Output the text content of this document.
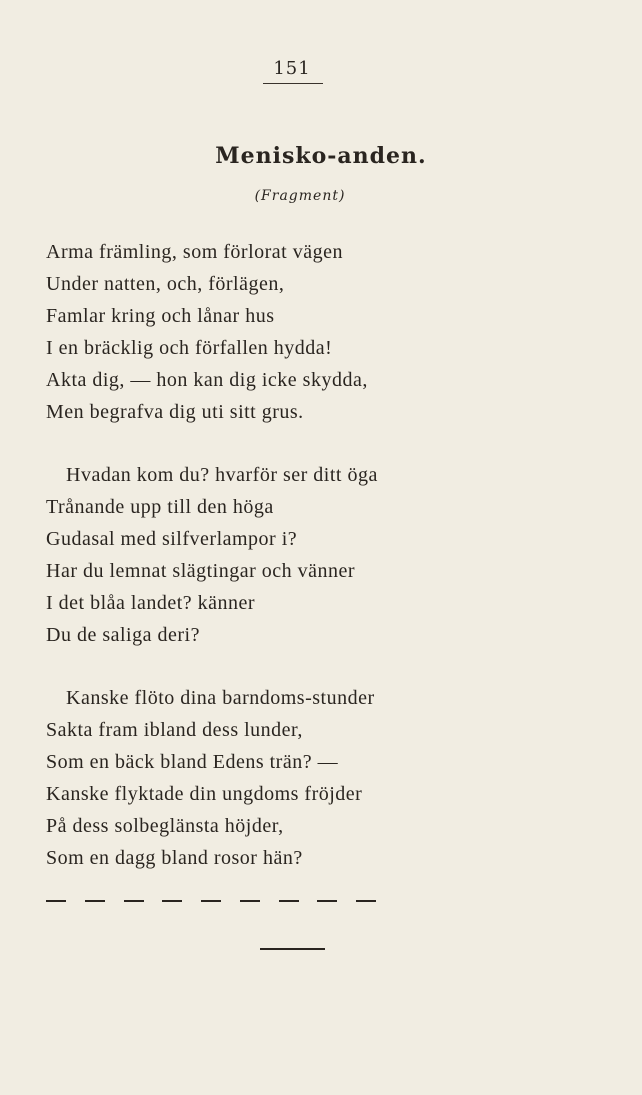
151
Menisko-anden.
(Fragment)
Arma främling, som förlorat vägen
Under natten, och, förlägen,
Famlar kring och lånar hus
I en bräcklig och förfallen hydda!
Akta dig, — hon kan dig icke skydda,
Men begrafva dig uti sitt grus.
Hvadan kom du? hvarför ser ditt öga
Trånande upp till den höga
Gudasal med silfverlampor i?
Har du lemnat slägtingar och vänner
I det blåa landet? känner
Du de saliga deri?
Kanske flöto dina barndoms-stunder
Sakta fram ibland dess lunder,
Som en bäck bland Edens trän? —
Kanske flyktade din ungdoms fröjder
På dess solbeglänsta höjder,
Som en dagg bland rosor hän?
